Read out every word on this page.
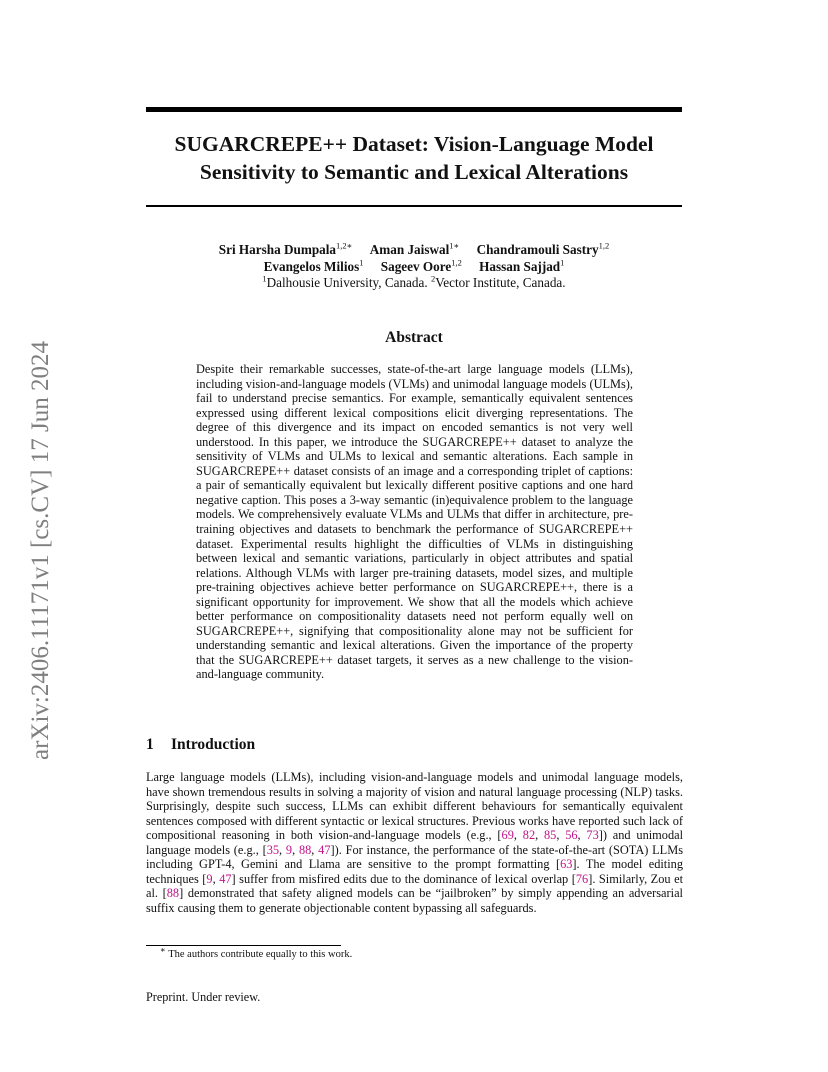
arXiv:2406.11171v1 [cs.CV] 17 Jun 2024
SUGARCREPE++ Dataset: Vision-Language Model
Sensitivity to Semantic and Lexical Alterations
Sri Harsha Dumpala$^{1,2∗}$ Aman Jaiswal$^{1∗}$ Chandramouli Sastry$^{1,2}$
Evangelos Milios$^1$ Sageev Oore$^{1,2}$ Hassan Sajjad$^1$
$^1$Dalhousie University, Canada. $^2$Vector Institute, Canada.
Abstract
Despite their remarkable successes, state-of-the-art large language models (LLMs), including vision-and-language models (VLMs) and unimodal language models (ULMs), fail to understand precise semantics. For example, semantically equivalent sentences expressed using different lexical compositions elicit diverging representations. The degree of this divergence and its impact on encoded semantics is not very well understood. In this paper, we introduce the SUGARCREPE++ dataset to analyze the sensitivity of VLMs and ULMs to lexical and semantic alterations. Each sample in SUGARCREPE++ dataset consists of an image and a corresponding triplet of captions: a pair of semantically equivalent but lexically different positive captions and one hard negative caption. This poses a 3-way semantic (in)equivalence problem to the language models. We comprehensively evaluate VLMs and ULMs that differ in architecture, pre-training objectives and datasets to benchmark the performance of SUGARCREPE++ dataset. Experimental results highlight the difficulties of VLMs in distinguishing between lexical and semantic variations, particularly in object attributes and spatial relations. Although VLMs with larger pre-training datasets, model sizes, and multiple pre-training objectives achieve better performance on SUGARCREPE++, there is a significant opportunity for improvement. We show that all the models which achieve better performance on compositionality datasets need not perform equally well on SUGARCREPE++, signifying that compositionality alone may not be sufficient for understanding semantic and lexical alterations. Given the importance of the property that the SUGARCREPE++ dataset targets, it serves as a new challenge to the vision-and-language community.
1 Introduction
Large language models (LLMs), including vision-and-language models and unimodal language models, have shown tremendous results in solving a majority of vision and natural language processing (NLP) tasks. Surprisingly, despite such success, LLMs can exhibit different behaviours for semantically equivalent sentences composed with different syntactic or lexical structures. Previous works have reported such lack of compositional reasoning in both vision-and-language models (e.g., [69, 82, 85, 56, 73]) and unimodal language models (e.g., [35, 9, 88, 47]). For instance, the performance of the state-of-the-art (SOTA) LLMs including GPT-4, Gemini and Llama are sensitive to the prompt formatting [63]. The model editing techniques [9, 47] suffer from misfired edits due to the dominance of lexical overlap [76]. Similarly, Zou et al. [88] demonstrated that safety aligned models can be “jailbroken” by simply appending an adversarial suffix causing them to generate objectionable content bypassing all safeguards.
∗ The authors contribute equally to this work.
Preprint. Under review.
